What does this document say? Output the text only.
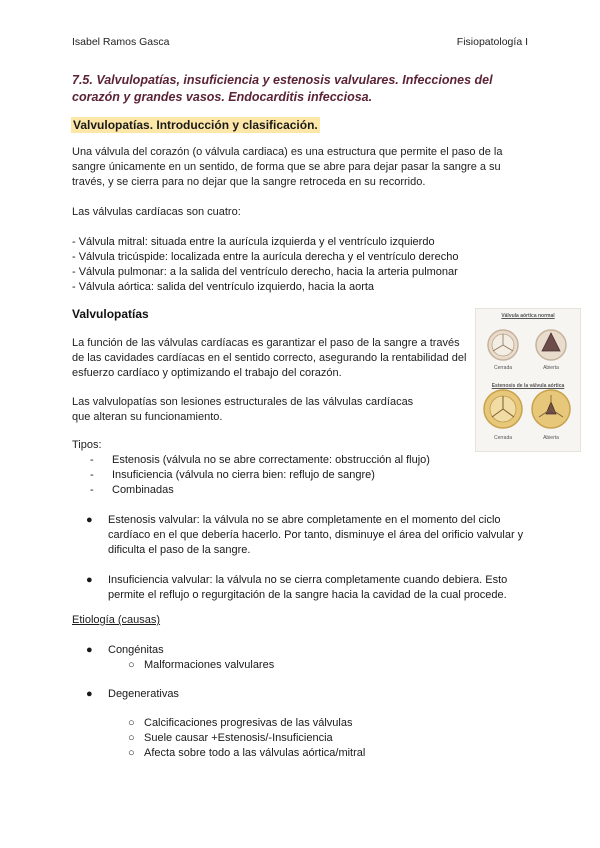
Isabel Ramos Gasca	Fisiopatología I
7.5. Valvulopatías, insuficiencia y estenosis valvulares. Infecciones del corazón y grandes vasos. Endocarditis infecciosa.
Valvulopatías. Introducción y clasificación.

Una válvula del corazón (o válvula cardiaca) es una estructura que permite el paso de la sangre únicamente en un sentido, de forma que se abre para dejar pasar la sangre a su través, y se cierra para no dejar que la sangre retroceda en su recorrido.

Las válvulas cardíacas son cuatro:

- Válvula mitral: situada entre la aurícula izquierda y el ventrículo izquierdo
- Válvula tricúspide: localizada entre la aurícula derecha y el ventrículo derecho
- Válvula pulmonar: a la salida del ventrículo derecho, hacia la arteria pulmonar
- Válvula aórtica: salida del ventrículo izquierdo, hacia la aorta
Valvulopatías

La función de las válvulas cardíacas es garantizar el paso de la sangre a través de las cavidades cardíacas en el sentido correcto, asegurando la rentabilidad del esfuerzo cardíaco y optimizando el trabajo del corazón.

Las valvulopatías son lesiones estructurales de las válvulas cardíacas que alteran su funcionamiento.

Tipos:
-	Estenosis (válvula no se abre correctamente: obstrucción al flujo)
-	Insuficiencia (válvula no cierra bien: reflujo de sangre)
-	Combinadas
●	Estenosis valvular: la válvula no se abre completamente en el momento del ciclo cardíaco en el que debería hacerlo. Por tanto, disminuye el área del orificio valvular y dificulta el paso de la sangre.
●	Insuficiencia valvular: la válvula no se cierra completamente cuando debiera. Esto permite el reflujo o regurgitación de la sangre hacia la cavidad de la cual procede.
Etiología (causas)
●	Congénitas
○ Malformaciones valvulares
●	Degenerativas
○ Calcificaciones progresivas de las válvulas
○ Suele causar +Estenosis/-Insuficiencia
○ Afecta sobre todo a las válvulas aórtica/mitral
Válvula aórtica normal
Cerrada	Abierta
Estenosis de la válvula aórtica
Cerrada	Abierta
